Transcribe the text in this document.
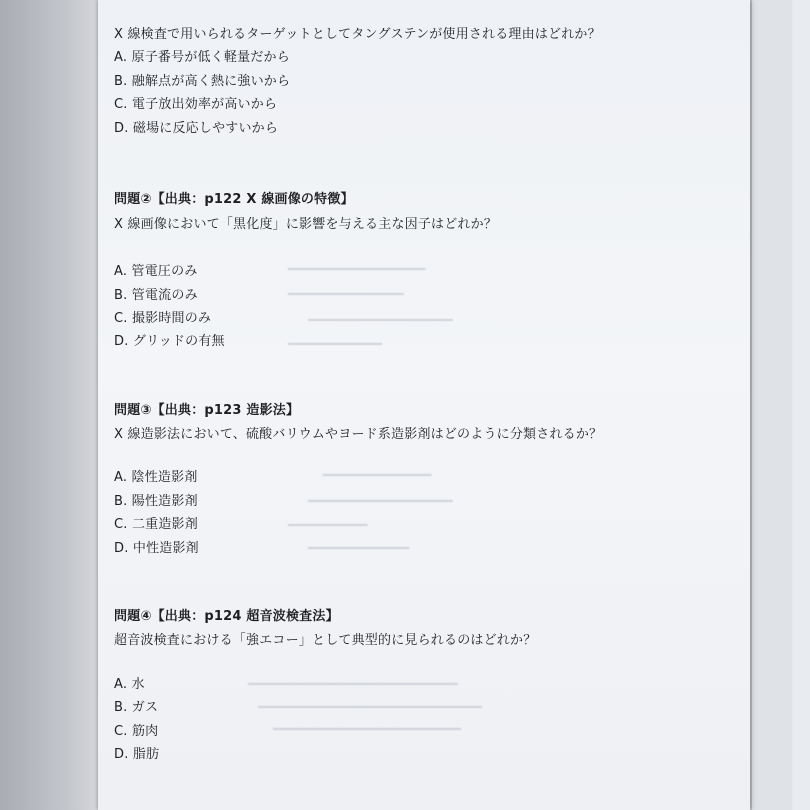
━━━━━━━━━━━━━━━━━━━
━━━━━━━━━━━━━━━━
━━━━━━━━━━━━━━━━━━━━
━━━━━━━━━━━━━
━━━━━━━━━━━━━━━
━━━━━━━━━━━━━━━━━━━━
━━━━━━━━━━━
━━━━━━━━━━━━━━
━━━━━━━━━━━━━━━━━━━━━━━━━━━━━
━━━━━━━━━━━━━━━━━━━━━━━━━━━━━━━
━━━━━━━━━━━━━━━━━━━━━━━━━━
X 線検査で用いられるターゲットとしてタングステンが使用される理由はどれか？
A. 原子番号が低く軽量だから
B. 融解点が高く熱に強いから
C. 電子放出効率が高いから
D. 磁場に反応しやすいから
問題②【出典：p122 X 線画像の特徴】
X 線画像において「黒化度」に影響を与える主な因子はどれか？
A. 管電圧のみ
B. 管電流のみ
C. 撮影時間のみ
D. グリッドの有無
問題③【出典：p123 造影法】
X 線造影法において、硫酸バリウムやヨード系造影剤はどのように分類されるか？
A. 陰性造影剤
B. 陽性造影剤
C. 二重造影剤
D. 中性造影剤
問題④【出典：p124 超音波検査法】
超音波検査における「強エコー」として典型的に見られるのはどれか？
A. 水
B. ガス
C. 筋肉
D. 脂肪
